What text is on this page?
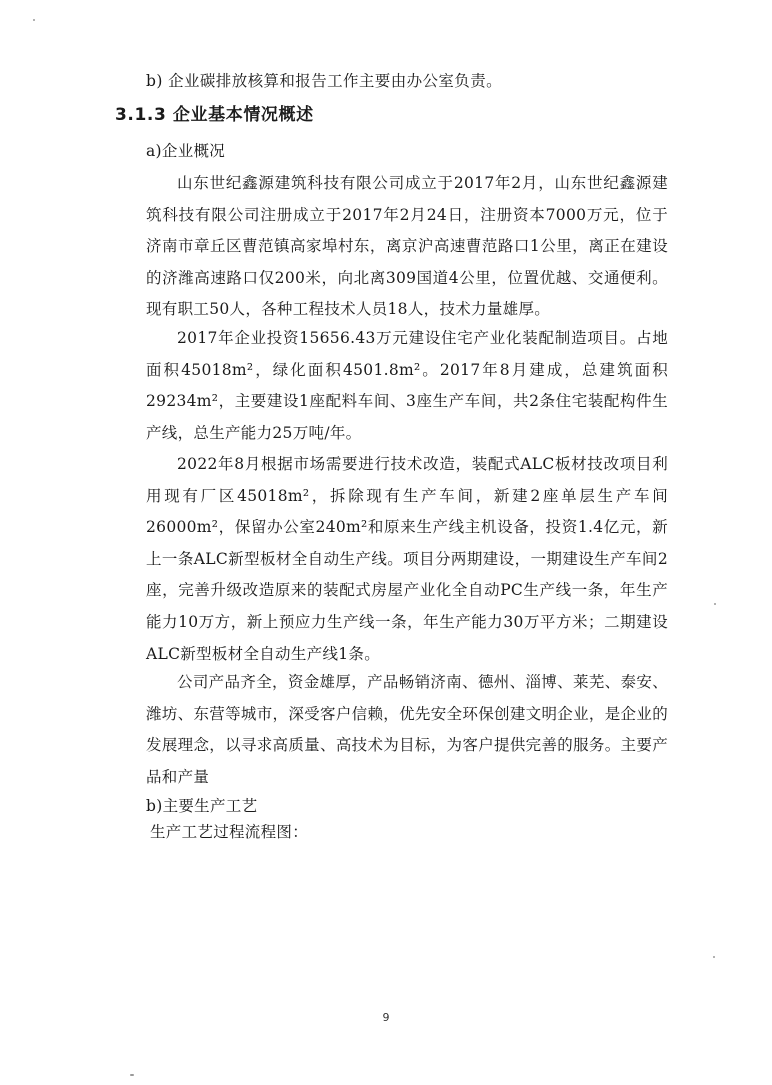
b) 企业碳排放核算和报告工作主要由办公室负责。
3.1.3 企业基本情况概述
a)企业概况

山东世纪鑫源建筑科技有限公司成立于2017年2月，山东世纪鑫源建筑科技有限公司注册成立于2017年2月24日，注册资本7000万元，位于济南市章丘区曹范镇高家埠村东，离京沪高速曹范路口1公里，离正在建设的济潍高速路口仅200米，向北离309国道4公里，位置优越、交通便利。现有职工50人，各种工程技术人员18人，技术力量雄厚。

2017年企业投资15656.43万元建设住宅产业化装配制造项目。占地面积45018m²，绿化面积4501.8m²。2017年8月建成，总建筑面积29234m²，主要建设1座配料车间、3座生产车间，共2条住宅装配构件生产线，总生产能力25万吨/年。

2022年8月根据市场需要进行技术改造，装配式ALC板材技改项目利用现有厂区45018m²，拆除现有生产车间，新建2座单层生产车间26000m²，保留办公室240m²和原来生产线主机设备，投资1.4亿元，新上一条ALC新型板材全自动生产线。项目分两期建设，一期建设生产车间2座，完善升级改造原来的装配式房屋产业化全自动PC生产线一条，年生产能力10万方，新上预应力生产线一条，年生产能力30万平方米；二期建设ALC新型板材全自动生产线1条。

公司产品齐全，资金雄厚，产品畅销济南、德州、淄博、莱芜、泰安、潍坊、东营等城市，深受客户信赖，优先安全环保创建文明企业，是企业的发展理念，以寻求高质量、高技术为目标，为客户提供完善的服务。主要产品和产量

b)主要生产工艺
生产工艺过程流程图：
9
